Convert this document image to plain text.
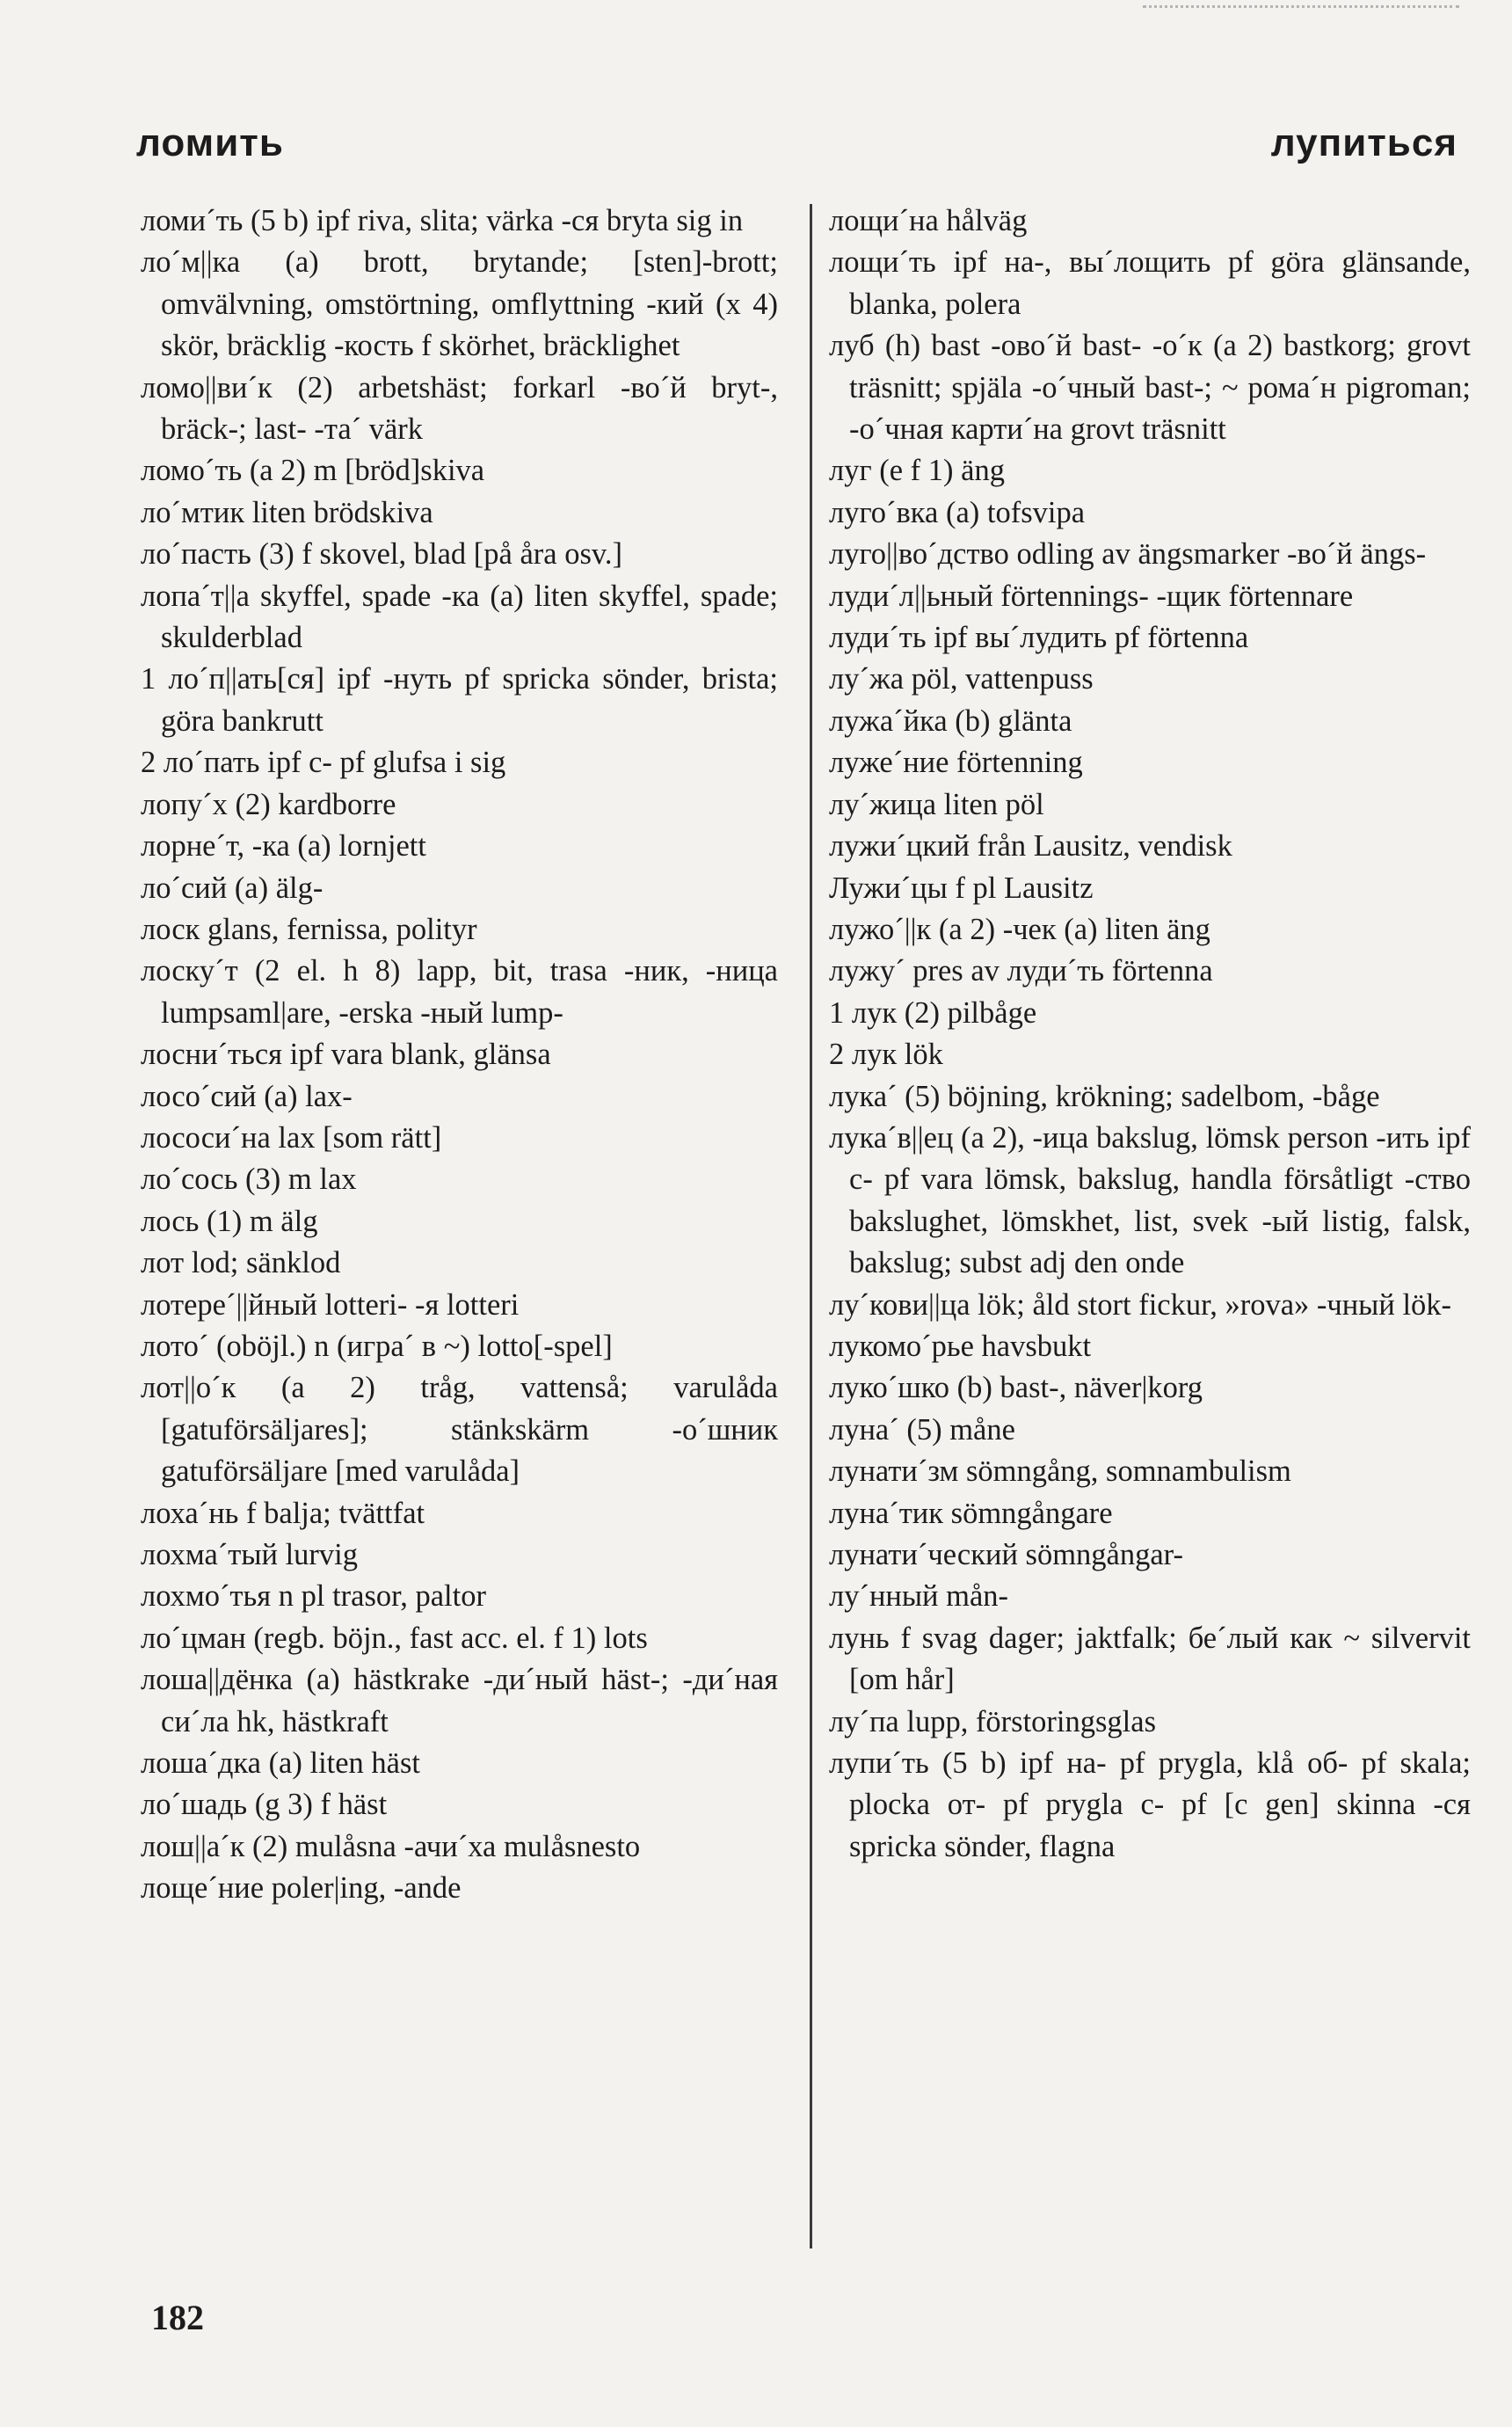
ломить	лупиться

ломи´ть (5 b) ipf riva, slita; värka -ся bryta sig in

ло´м||ка (a) brott, brytande; [sten]-brott; omvälvning, omstörtning, omflyttning -кий (x 4) skör, bräcklig -кость f skörhet, bräcklighet

ломо||ви´к (2) arbetshäst; forkarl -во´й bryt-, bräck-; last- -та´ värk

ломо´ть (a 2) m [bröd]skiva

ло´мтик liten brödskiva

ло´пасть (3) f skovel, blad [på åra osv.]

лопа´т||а skyffel, spade -ка (a) liten skyffel, spade; skulderblad

1 ло´п||ать[ся] ipf -нуть pf spricka sönder, brista; göra bankrutt

2 ло´пать ipf с- pf glufsa i sig

лопу´х (2) kardborre

лорне´т, -ка (a) lornjett

ло´сий (a) älg-

лоск glans, fernissa, polityr

лоску´т (2 el. h 8) lapp, bit, trasa -ник, -ница lumpsaml|are, -erska -ный lump-

лосни´ться ipf vara blank, glänsa

лосо´сий (a) lax-

лососи´на lax [som rätt]

ло´сось (3) m lax

лось (1) m älg

лот lod; sänklod

лотере´||йный lotteri- -я lotteri

лото´ (oböjl.) n (игра´ в ~) lotto[-spel]

лот||о´к (a 2) tråg, vattenså; varulåda [gatuförsäljares]; stänkskärm -о´шник gatuförsäljare [med varulåda]

лоха´нь f balja; tvättfat

лохма´тый lurvig

лохмо´тья n pl trasor, paltor

ло´цман (regb. böjn., fast acc. el. f 1) lots

лоша||дёнка (a) hästkrake -ди´ный häst-; -ди´ная си´ла hk, hästkraft

лоша´дка (a) liten häst

ло´шадь (g 3) f häst

лош||а´к (2) mulåsna -ачи´ха mulåsnesto

лоще´ние poler|ing, -ande

лощи´на hålväg

лощи´ть ipf на-, вы´лощить pf göra glänsande, blanka, polera

луб (h) bast -ово´й bast- -о´к (a 2) bastkorg; grovt träsnitt; spjäla -о´чный bast-; ~ рома´н pigroman; -о´чная карти´на grovt träsnitt

луг (e f 1) äng

луго´вка (a) tofsvipa

луго||во´дство odling av ängsmarker -во´й ängs-

луди´л||ьный förtennings- -щик förtennare

луди´ть ipf вы´лудить pf förtenna

лу´жа pöl, vattenpuss

лужа´йка (b) glänta

луже´ние förtenning

лу´жица liten pöl

лужи´цкий från Lausitz, vendisk

Лужи´цы f pl Lausitz

лужо´||к (a 2) -чек (a) liten äng

лужу´ pres av луди´ть förtenna

1 лук (2) pilbåge

2 лук lök

лука´ (5) böjning, krökning; sadelbom, -båge

лука´в||ец (a 2), -ица bakslug, lömsk person -ить ipf с- pf vara lömsk, bakslug, handla försåtligt -ство bakslughet, lömskhet, list, svek -ый listig, falsk, bakslug; subst adj den onde

лу´кови||ца lök; åld stort fickur, »rova» -чный lök-

лукомо´рье havsbukt

луко´шко (b) bast-, näver|korg

луна´ (5) måne

лунати´зм sömngång, somnambulism

луна´тик sömngångare

лунати´ческий sömngångar-

лу´нный mån-

лунь f svag dager; jaktfalk; бе´лый как ~ silvervit [om hår]

лу´па lupp, förstoringsglas

лупи´ть (5 b) ipf на- pf prygla, klå об- pf skala; plocka от- pf prygla с- pf [с gen] skinna -ся spricka sönder, flagna

182
